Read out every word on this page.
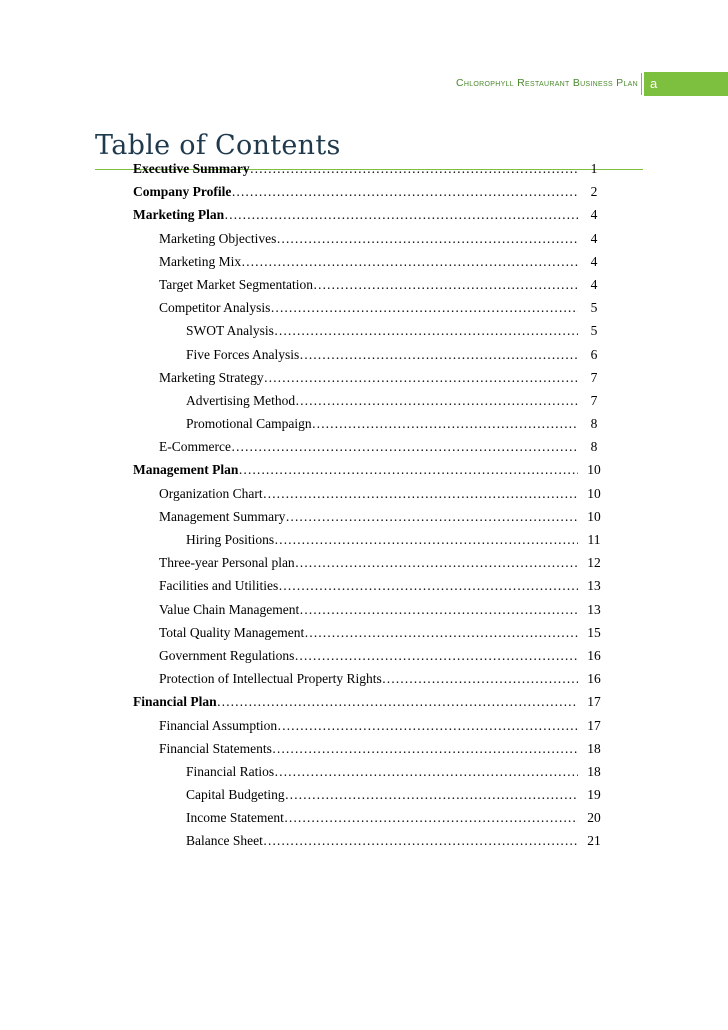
Chlorophyll Restaurant Business Plan a
Table of Contents
Executive Summary ………………………………………………………………………………………………………………………………………………………………………………………………	1
Company Profile ………………………………………………………………………………………………………………………………………………………………………………………………	2
Marketing Plan ………………………………………………………………………………………………………………………………………………………………………………………………	4
Marketing Objectives ………………………………………………………………………………………………………………………………………………………………………………………………	4
Marketing Mix ………………………………………………………………………………………………………………………………………………………………………………………………	4
Target Market Segmentation ………………………………………………………………………………………………………………………………………………………………………………………………	4
Competitor Analysis ………………………………………………………………………………………………………………………………………………………………………………………………	5
SWOT Analysis ………………………………………………………………………………………………………………………………………………………………………………………………	5
Five Forces Analysis ………………………………………………………………………………………………………………………………………………………………………………………………	6
Marketing Strategy ………………………………………………………………………………………………………………………………………………………………………………………………	7
Advertising Method ………………………………………………………………………………………………………………………………………………………………………………………………	7
Promotional Campaign ………………………………………………………………………………………………………………………………………………………………………………………………	8
E-Commerce ………………………………………………………………………………………………………………………………………………………………………………………………	8
Management Plan ………………………………………………………………………………………………………………………………………………………………………………………………	10
Organization Chart ………………………………………………………………………………………………………………………………………………………………………………………………	10
Management Summary ………………………………………………………………………………………………………………………………………………………………………………………………	10
Hiring Positions ………………………………………………………………………………………………………………………………………………………………………………………………	11
Three-year Personal plan ………………………………………………………………………………………………………………………………………………………………………………………………	12
Facilities and Utilities ………………………………………………………………………………………………………………………………………………………………………………………………	13
Value Chain Management ………………………………………………………………………………………………………………………………………………………………………………………………	13
Total Quality Management ………………………………………………………………………………………………………………………………………………………………………………………………	15
Government Regulations ………………………………………………………………………………………………………………………………………………………………………………………………	16
Protection of Intellectual Property Rights ………………………………………………………………………………………………………………………………………………………………………………………………	16
Financial Plan ………………………………………………………………………………………………………………………………………………………………………………………………	17
Financial Assumption ………………………………………………………………………………………………………………………………………………………………………………………………	17
Financial Statements ………………………………………………………………………………………………………………………………………………………………………………………………	18
Financial Ratios ………………………………………………………………………………………………………………………………………………………………………………………………	18
Capital Budgeting ………………………………………………………………………………………………………………………………………………………………………………………………	19
Income Statement ………………………………………………………………………………………………………………………………………………………………………………………………	20
Balance Sheet ………………………………………………………………………………………………………………………………………………………………………………………………	21
